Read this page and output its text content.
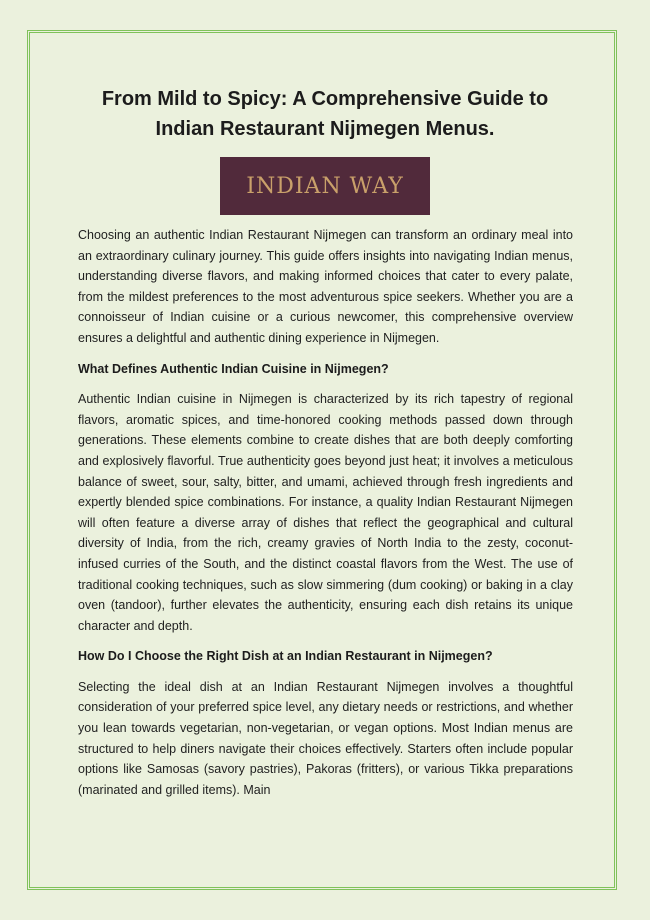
From Mild to Spicy: A Comprehensive Guide to Indian Restaurant Nijmegen Menus.
INDIAN WAY

Choosing an authentic Indian Restaurant Nijmegen can transform an ordinary meal into an extraordinary culinary journey. This guide offers insights into navigating Indian menus, understanding diverse flavors, and making informed choices that cater to every palate, from the mildest preferences to the most adventurous spice seekers. Whether you are a connoisseur of Indian cuisine or a curious newcomer, this comprehensive overview ensures a delightful and authentic dining experience in Nijmegen.

What Defines Authentic Indian Cuisine in Nijmegen?

Authentic Indian cuisine in Nijmegen is characterized by its rich tapestry of regional flavors, aromatic spices, and time-honored cooking methods passed down through generations. These elements combine to create dishes that are both deeply comforting and explosively flavorful. True authenticity goes beyond just heat; it involves a meticulous balance of sweet, sour, salty, bitter, and umami, achieved through fresh ingredients and expertly blended spice combinations. For instance, a quality Indian Restaurant Nijmegen will often feature a diverse array of dishes that reflect the geographical and cultural diversity of India, from the rich, creamy gravies of North India to the zesty, coconut-infused curries of the South, and the distinct coastal flavors from the West. The use of traditional cooking techniques, such as slow simmering (dum cooking) or baking in a clay oven (tandoor), further elevates the authenticity, ensuring each dish retains its unique character and depth.

How Do I Choose the Right Dish at an Indian Restaurant in Nijmegen?

Selecting the ideal dish at an Indian Restaurant Nijmegen involves a thoughtful consideration of your preferred spice level, any dietary needs or restrictions, and whether you lean towards vegetarian, non-vegetarian, or vegan options. Most Indian menus are structured to help diners navigate their choices effectively. Starters often include popular options like Samosas (savory pastries), Pakoras (fritters), or various Tikka preparations (marinated and grilled items). Main
